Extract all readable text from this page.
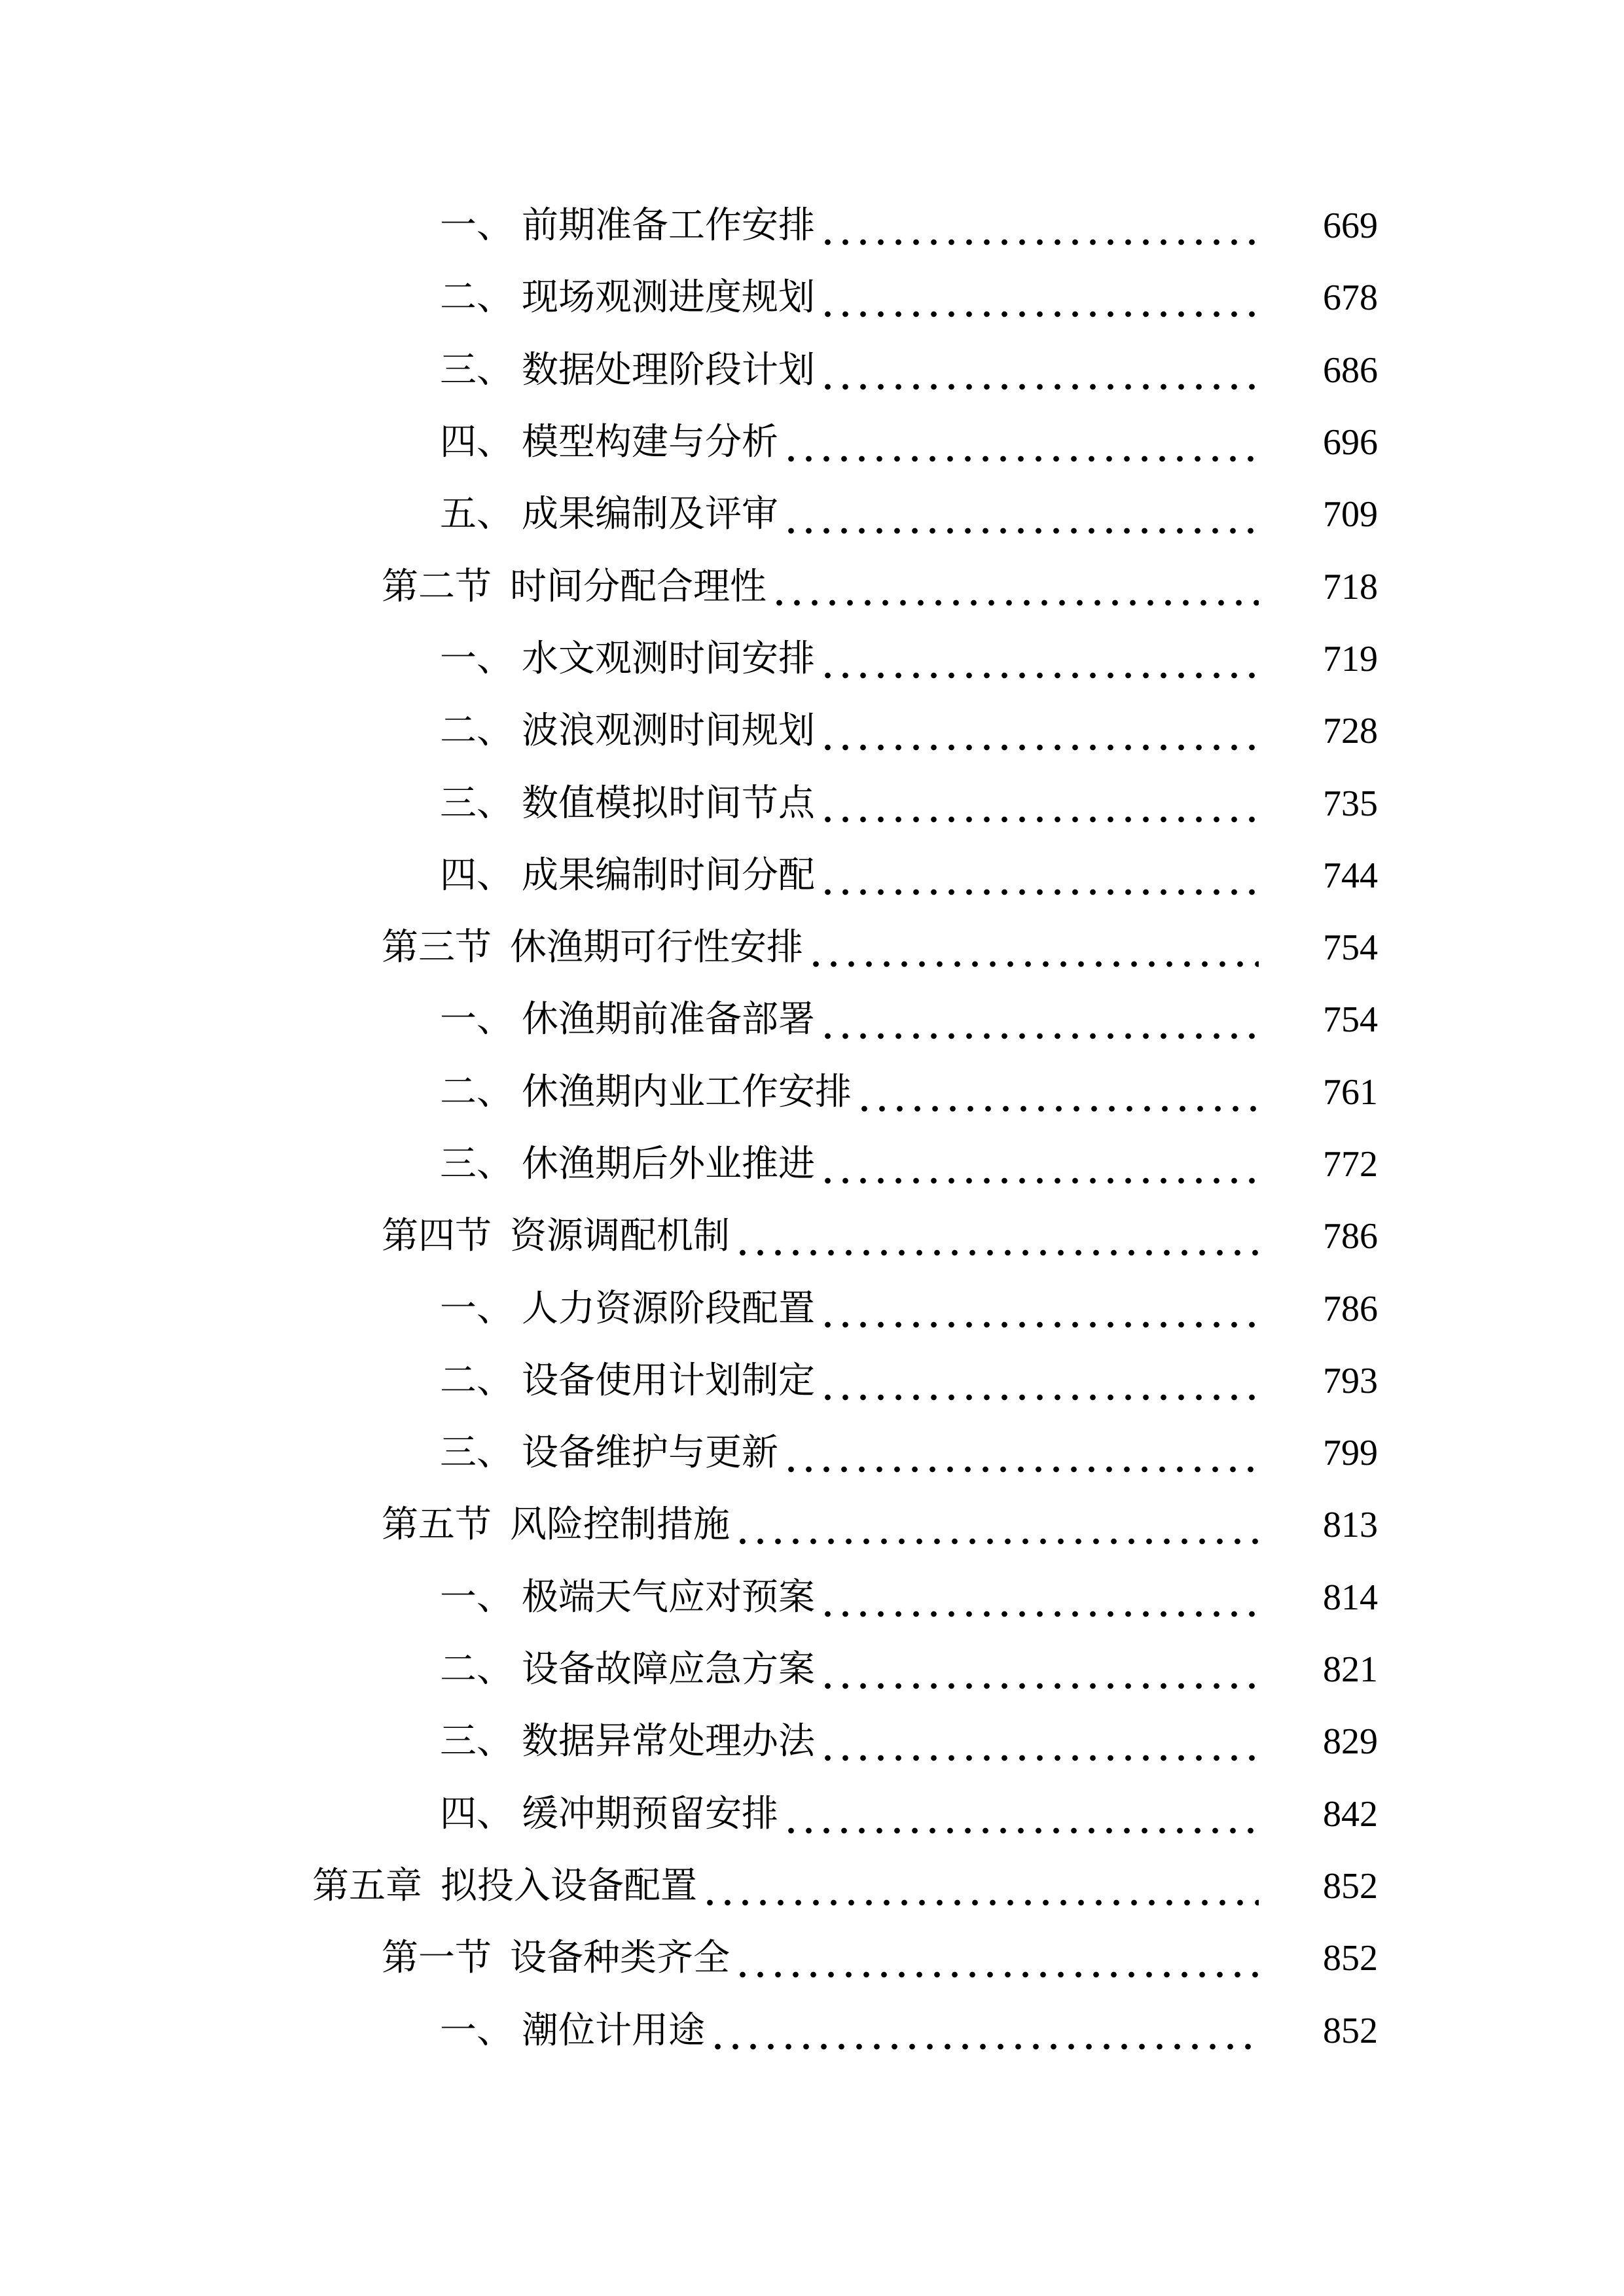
一、 前期准备工作安排	669
二、 现场观测进度规划	678
三、 数据处理阶段计划	686
四、 模型构建与分析	696
五、 成果编制及评审	709
第二节 时间分配合理性	718
一、 水文观测时间安排	719
二、 波浪观测时间规划	728
三、 数值模拟时间节点	735
四、 成果编制时间分配	744
第三节 休渔期可行性安排	754
一、 休渔期前准备部署	754
二、 休渔期内业工作安排	761
三、 休渔期后外业推进	772
第四节 资源调配机制	786
一、 人力资源阶段配置	786
二、 设备使用计划制定	793
三、 设备维护与更新	799
第五节 风险控制措施	813
一、 极端天气应对预案	814
二、 设备故障应急方案	821
三、 数据异常处理办法	829
四、 缓冲期预留安排	842
第五章 拟投入设备配置	852
第一节 设备种类齐全	852
一、 潮位计用途	852
